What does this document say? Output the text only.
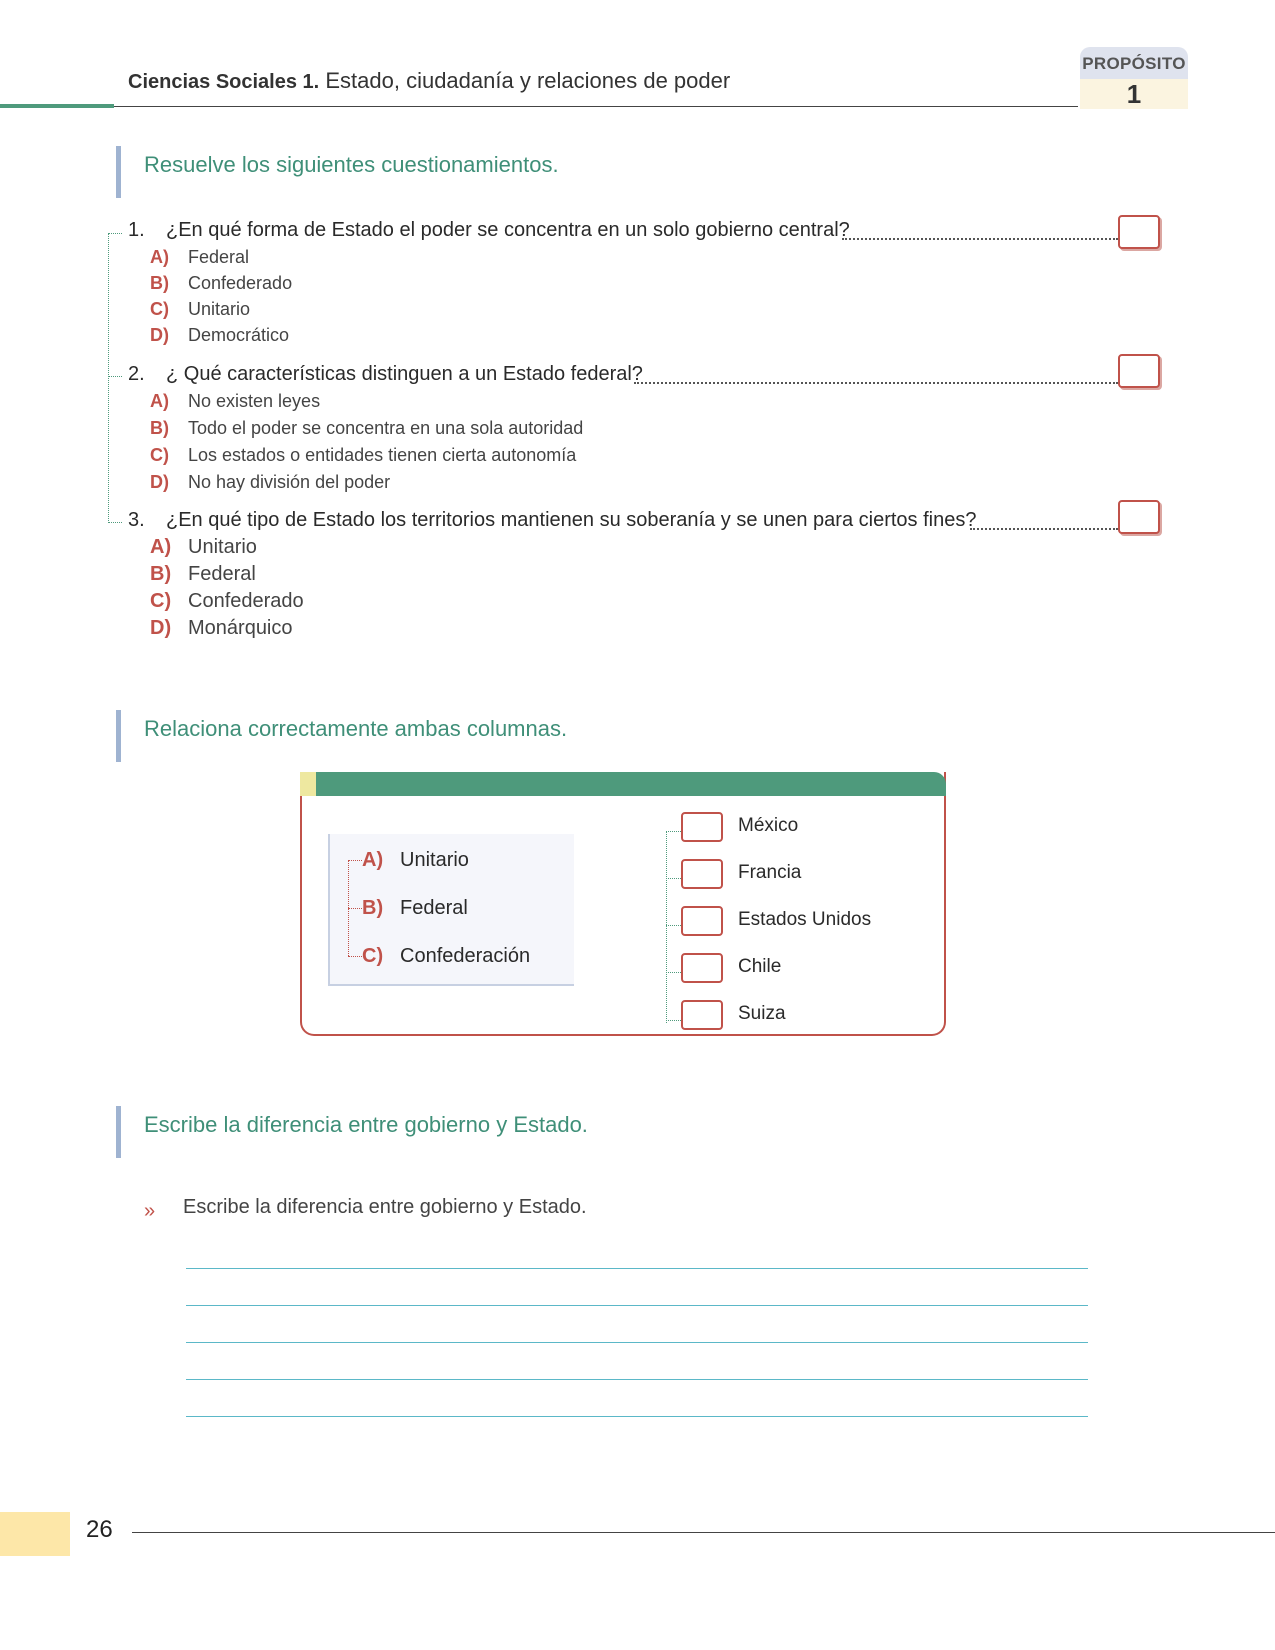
Ciencias Sociales 1. Estado, ciudadanía y relaciones de poder
PROPÓSITO
1
Resuelve los siguientes cuestionamientos.
1. ¿En qué forma de Estado el poder se concentra en un solo gobierno central?
A) Federal
B) Confederado
C) Unitario
D) Democrático
2. ¿ Qué características distinguen a un Estado federal?
A) No existen leyes
B) Todo el poder se concentra en una sola autoridad
C) Los estados o entidades tienen cierta autonomía
D) No hay división del poder
3. ¿En qué tipo de Estado los territorios mantienen su soberanía y se unen para ciertos fines?
A) Unitario
B) Federal
C) Confederado
D) Monárquico
Relaciona correctamente ambas columnas.
A) Unitario
B) Federal
C) Confederación
México
Francia
Estados Unidos
Chile
Suiza
Escribe la diferencia entre gobierno y Estado.
» Escribe la diferencia entre gobierno y Estado.
26
